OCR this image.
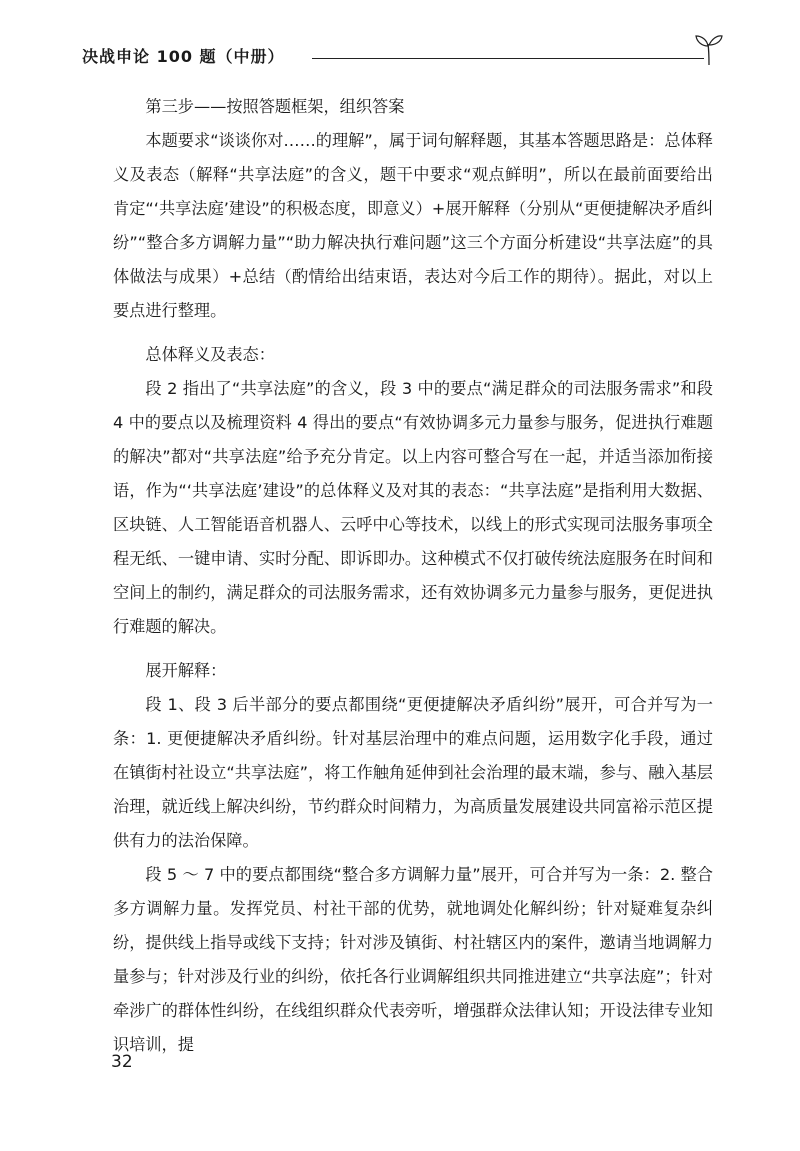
决战申论 100 题（中册）

第三步——按照答题框架，组织答案

本题要求“谈谈你对……的理解”，属于词句解释题，其基本答题思路是：总体释义及表态（解释“共享法庭”的含义，题干中要求“观点鲜明”，所以在最前面要给出肯定“‘共享法庭’建设”的积极态度，即意义）+展开解释（分别从“更便捷解决矛盾纠纷”“整合多方调解力量”“助力解决执行难问题”这三个方面分析建设“共享法庭”的具体做法与成果）+总结（酌情给出结束语，表达对今后工作的期待）。据此，对以上要点进行整理。

总体释义及表态：

段 2 指出了“共享法庭”的含义，段 3 中的要点“满足群众的司法服务需求”和段 4 中的要点以及梳理资料 4 得出的要点“有效协调多元力量参与服务，促进执行难题的解决”都对“共享法庭”给予充分肯定。以上内容可整合写在一起，并适当添加衔接语，作为“‘共享法庭’建设”的总体释义及对其的表态：“共享法庭”是指利用大数据、区块链、人工智能语音机器人、云呼中心等技术，以线上的形式实现司法服务事项全程无纸、一键申请、实时分配、即诉即办。这种模式不仅打破传统法庭服务在时间和空间上的制约，满足群众的司法服务需求，还有效协调多元力量参与服务，更促进执行难题的解决。

展开解释：

段 1、段 3 后半部分的要点都围绕“更便捷解决矛盾纠纷”展开，可合并写为一条：1. 更便捷解决矛盾纠纷。针对基层治理中的难点问题，运用数字化手段，通过在镇街村社设立“共享法庭”，将工作触角延伸到社会治理的最末端，参与、融入基层治理，就近线上解决纠纷，节约群众时间精力，为高质量发展建设共同富裕示范区提供有力的法治保障。

段 5 ～ 7 中的要点都围绕“整合多方调解力量”展开，可合并写为一条：2. 整合多方调解力量。发挥党员、村社干部的优势，就地调处化解纠纷；针对疑难复杂纠纷，提供线上指导或线下支持；针对涉及镇街、村社辖区内的案件，邀请当地调解力量参与；针对涉及行业的纠纷，依托各行业调解组织共同推进建立“共享法庭”；针对牵涉广的群体性纠纷，在线组织群众代表旁听，增强群众法律认知；开设法律专业知识培训，提

32
